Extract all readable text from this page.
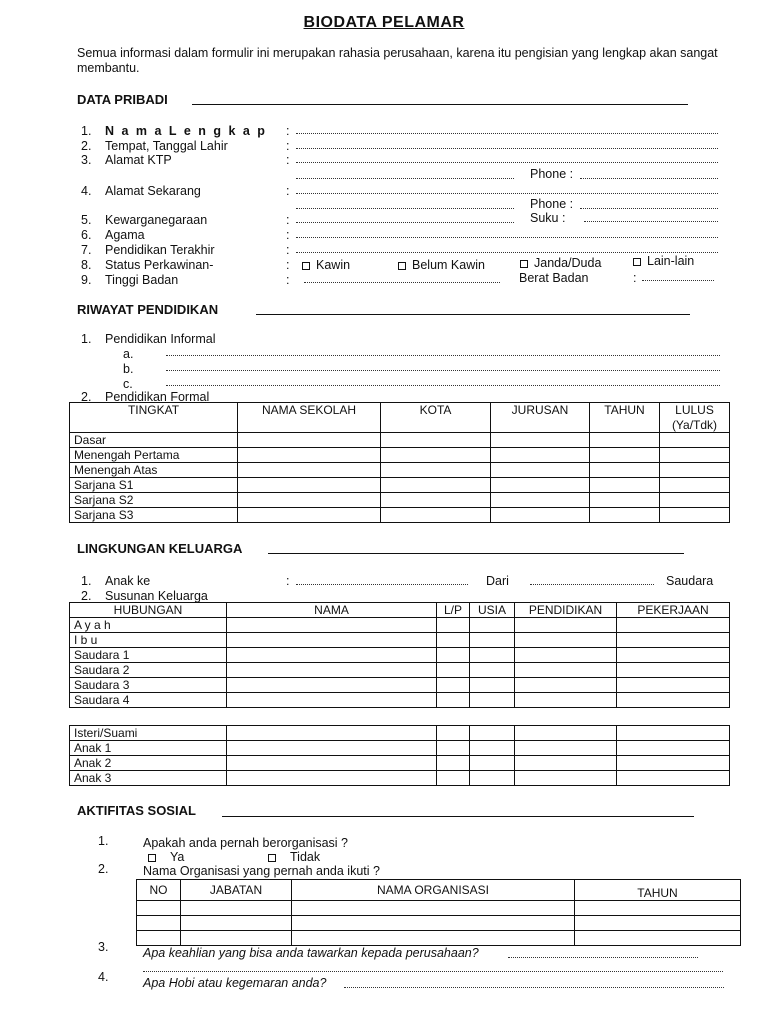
BIODATA PELAMAR
Semua informasi dalam formulir ini merupakan rahasia perusahaan, karena itu pengisian yang lengkap akan sangat membantu.
DATA PRIBADI
1. N a m a L e n g k a p :
2. Tempat, Tanggal Lahir	:
3. Alamat KTP	:
Phone :
4. Alamat Sekarang	:
Phone :
5. Kewarganegaraan	:	Suku :
6. Agama	:
7. Pendidikan Terakhir	:
8. Status Perkawinan-	:	Kawin	Belum Kawin	Janda/Duda	Lain-lain
9. Tinggi Badan	:	Berat Badan	:
RIWAYAT PENDIDIKAN
1. Pendidikan Informal
a.
b.
c.
2. Pendidikan Formal
TINGKAT	NAMA SEKOLAH	KOTA	JURUSAN	TAHUN	LULUS
					(Ya/Tdk)
Dasar					
Menengah Pertama					
Menengah Atas					
Sarjana S1					
Sarjana S2					
Sarjana S3					
LINGKUNGAN KELUARGA
1. Anak ke	:	Dari	Saudara
2. Susunan Keluarga
HUBUNGAN	NAMA	L/P	USIA	PENDIDIKAN	PEKERJAAN
A y a h					
I b u					
Saudara 1					
Saudara 2					
Saudara 3					
Saudara 4					
Isteri/Suami					
Anak 1					
Anak 2					
Anak 3					
AKTIFITAS SOSIAL
1.	Apakah anda pernah berorganisasi ?
Ya	Tidak
2.	Nama Organisasi yang pernah anda ikuti ?
NO	JABATAN	NAMA ORGANISASI	TAHUN

3.	Apa keahlian yang bisa anda tawarkan kepada perusahaan?
4.	Apa Hobi atau kegemaran anda?
